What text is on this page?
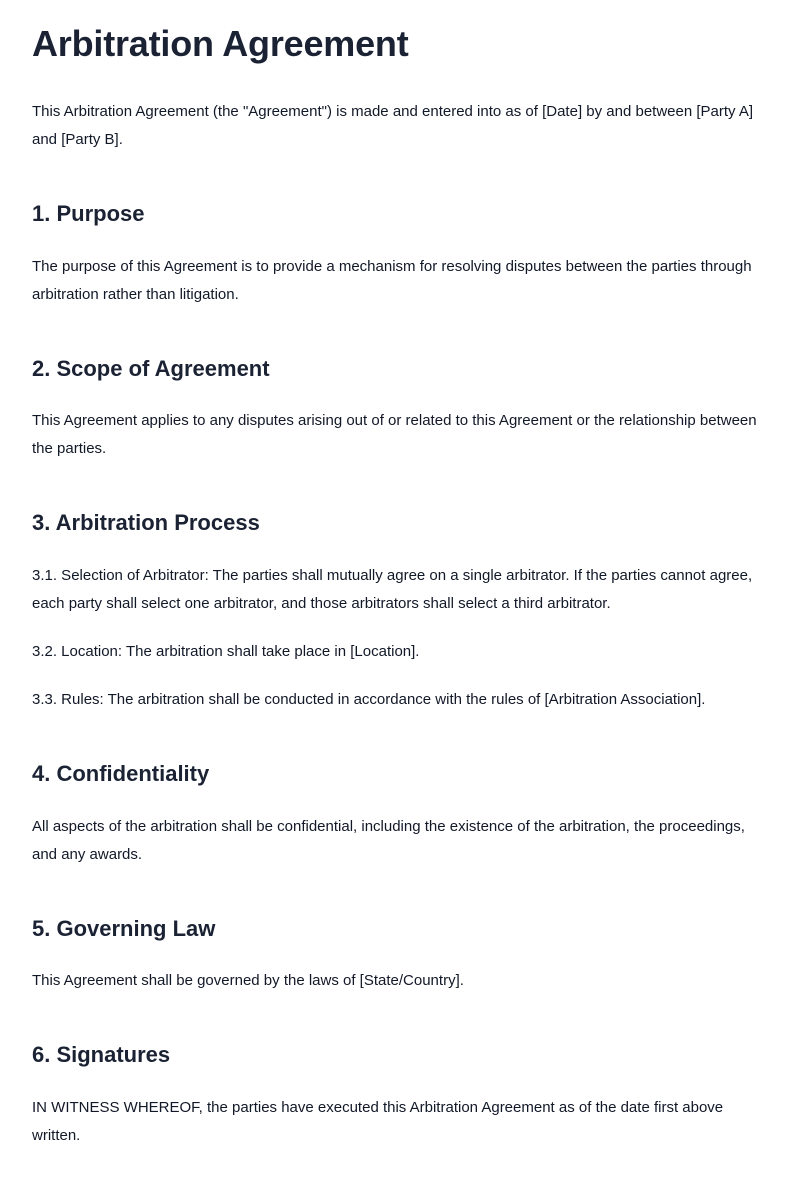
Arbitration Agreement

This Arbitration Agreement (the "Agreement") is made and entered into as of [Date] by and between [Party A] and [Party B].

1. Purpose

The purpose of this Agreement is to provide a mechanism for resolving disputes between the parties through arbitration rather than litigation.

2. Scope of Agreement

This Agreement applies to any disputes arising out of or related to this Agreement or the relationship between the parties.

3. Arbitration Process

3.1. Selection of Arbitrator: The parties shall mutually agree on a single arbitrator. If the parties cannot agree, each party shall select one arbitrator, and those arbitrators shall select a third arbitrator.

3.2. Location: The arbitration shall take place in [Location].

3.3. Rules: The arbitration shall be conducted in accordance with the rules of [Arbitration Association].

4. Confidentiality

All aspects of the arbitration shall be confidential, including the existence of the arbitration, the proceedings, and any awards.

5. Governing Law

This Agreement shall be governed by the laws of [State/Country].

6. Signatures

IN WITNESS WHEREOF, the parties have executed this Arbitration Agreement as of the date first above written.
